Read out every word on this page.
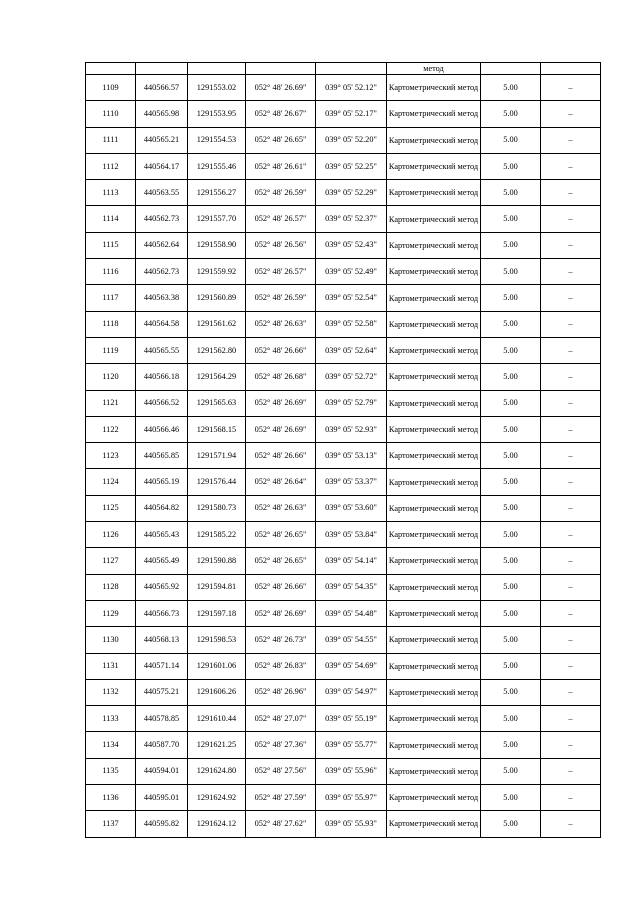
					метод		
1109	440566.57	1291553.02	052° 48' 26.69"	039° 05' 52.12"	Картометрический метод	5.00	–
1110	440565.98	1291553.95	052° 48' 26.67"	039° 05' 52.17"	Картометрический метод	5.00	–
1111	440565.21	1291554.53	052° 48' 26.65"	039° 05' 52.20"	Картометрический метод	5.00	–
1112	440564.17	1291555.46	052° 48' 26.61"	039° 05' 52.25"	Картометрический метод	5.00	–
1113	440563.55	1291556.27	052° 48' 26.59"	039° 05' 52.29"	Картометрический метод	5.00	–
1114	440562.73	1291557.70	052° 48' 26.57"	039° 05' 52.37"	Картометрический метод	5.00	–
1115	440562.64	1291558.90	052° 48' 26.56"	039° 05' 52.43"	Картометрический метод	5.00	–
1116	440562.73	1291559.92	052° 48' 26.57"	039° 05' 52.49"	Картометрический метод	5.00	–
1117	440563.38	1291560.89	052° 48' 26.59"	039° 05' 52.54"	Картометрический метод	5.00	–
1118	440564.58	1291561.62	052° 48' 26.63"	039° 05' 52.58"	Картометрический метод	5.00	–
1119	440565.55	1291562.80	052° 48' 26.66"	039° 05' 52.64"	Картометрический метод	5.00	–
1120	440566.18	1291564.29	052° 48' 26.68"	039° 05' 52.72"	Картометрический метод	5.00	–
1121	440566.52	1291565.63	052° 48' 26.69"	039° 05' 52.79"	Картометрический метод	5.00	–
1122	440566.46	1291568.15	052° 48' 26.69"	039° 05' 52.93"	Картометрический метод	5.00	–
1123	440565.85	1291571.94	052° 48' 26.66"	039° 05' 53.13"	Картометрический метод	5.00	–
1124	440565.19	1291576.44	052° 48' 26.64"	039° 05' 53.37"	Картометрический метод	5.00	–
1125	440564.82	1291580.73	052° 48' 26.63"	039° 05' 53.60"	Картометрический метод	5.00	–
1126	440565.43	1291585.22	052° 48' 26.65"	039° 05' 53.84"	Картометрический метод	5.00	–
1127	440565.49	1291590.88	052° 48' 26.65"	039° 05' 54.14"	Картометрический метод	5.00	–
1128	440565.92	1291594.81	052° 48' 26.66"	039° 05' 54.35"	Картометрический метод	5.00	–
1129	440566.73	1291597.18	052° 48' 26.69"	039° 05' 54.48"	Картометрический метод	5.00	–
1130	440568.13	1291598.53	052° 48' 26.73"	039° 05' 54.55"	Картометрический метод	5.00	–
1131	440571.14	1291601.06	052° 48' 26.83"	039° 05' 54.69"	Картометрический метод	5.00	–
1132	440575.21	1291606.26	052° 48' 26.96"	039° 05' 54.97"	Картометрический метод	5.00	–
1133	440578.85	1291610.44	052° 48' 27.07"	039° 05' 55.19"	Картометрический метод	5.00	–
1134	440587.70	1291621.25	052° 48' 27.36"	039° 05' 55.77"	Картометрический метод	5.00	–
1135	440594.01	1291624.80	052° 48' 27.56"	039° 05' 55.96"	Картометрический метод	5.00	–
1136	440595.01	1291624.92	052° 48' 27.59"	039° 05' 55.97"	Картометрический метод	5.00	–
1137	440595.82	1291624.12	052° 48' 27.62"	039° 05' 55.93"	Картометрический метод	5.00	–
